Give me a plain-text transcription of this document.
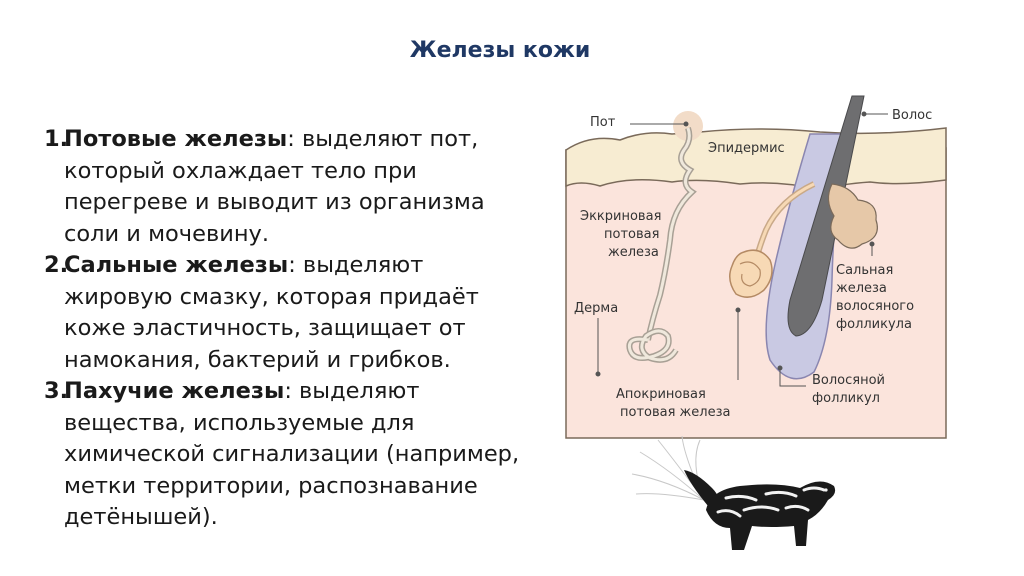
Железы кожи
1.
Потовые железы: выделяют пот, который охлаждает тело при перегреве и выводит из организма соли и мочевину.
2.
Сальные железы: выделяют жировую смазку, которая придаёт коже эластичность, защищает от намокания, бактерий и грибков.
3.
Пахучие железы: выделяют вещества, используемые для химической сигнализации (например, метки территории, распознавание детёнышей).
Пот	Волос
Эпидермис
Эккриновая
потовая
железа
Дерма
Сальная
железа
волосяного
фолликула
Апокриновая
потовая железа
Волосяной
фолликул
